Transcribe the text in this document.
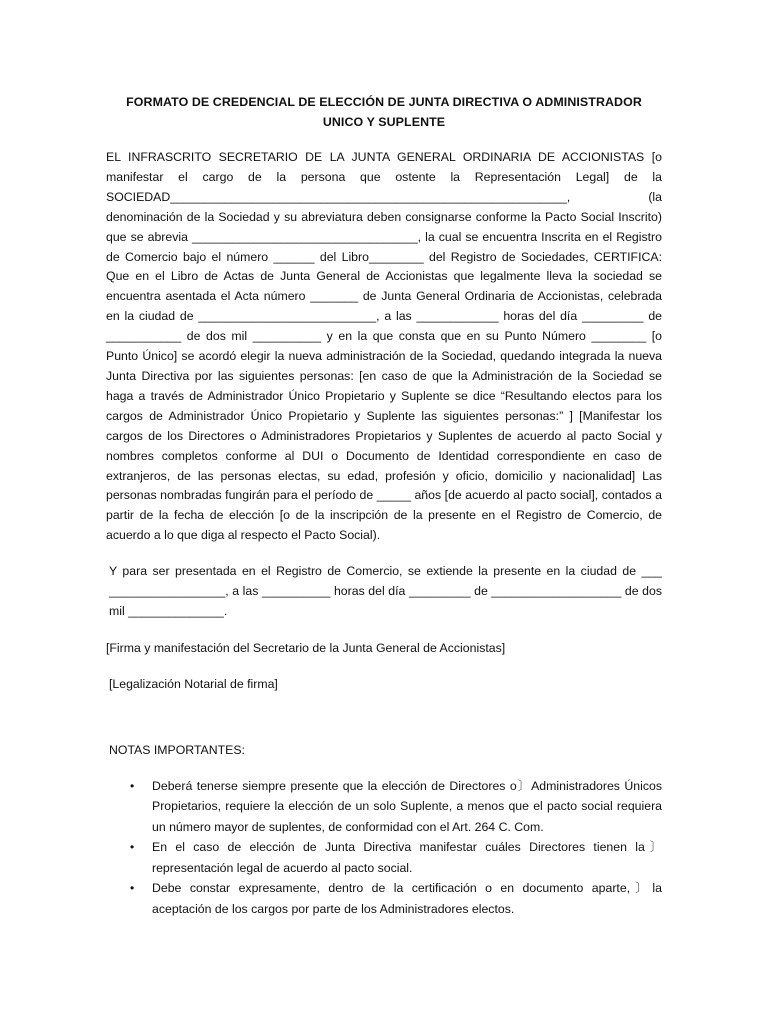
FORMATO DE CREDENCIAL DE ELECCIÓN DE JUNTA DIRECTIVA O ADMINISTRADOR
UNICO Y SUPLENTE

EL INFRASCRITO SECRETARIO DE LA JUNTA GENERAL ORDINARIA DE ACCIONISTAS [o manifestar el cargo de la persona que ostente la Representación Legal] de la SOCIEDAD__________________________________________________________, (la denominación de la Sociedad y su abreviatura deben consignarse conforme la Pacto Social Inscrito) que se abrevia _________________________________, la cual se encuentra Inscrita en el Registro de Comercio bajo el número ______ del Libro________ del Registro de Sociedades, CERTIFICA: Que en el Libro de Actas de Junta General de Accionistas que legalmente lleva la sociedad se encuentra asentada el Acta número _______ de Junta General Ordinaria de Accionistas, celebrada en la ciudad de __________________________, a las ____________ horas del día _________ de ___________ de dos mil __________ y en la que consta que en su Punto Número ________ [o Punto Único] se acordó elegir la nueva administración de la Sociedad, quedando integrada la nueva Junta Directiva por las siguientes personas: [en caso de que la Administración de la Sociedad se haga a través de Administrador Único Propietario y Suplente se dice “Resultando electos para los cargos de Administrador Único Propietario y Suplente las siguientes personas:” ] [Manifestar los cargos de los Directores o Administradores Propietarios y Suplentes de acuerdo al pacto Social y nombres completos conforme al DUI o Documento de Identidad correspondiente en caso de extranjeros, de las personas electas, su edad, profesión y oficio, domicilio y nacionalidad] Las personas nombradas fungirán para el período de _____ años [de acuerdo al pacto social], contados a partir de la fecha de elección [o de la inscripción de la presente en el Registro de Comercio, de acuerdo a lo que diga al respecto el Pacto Social).

Y para ser presentada en el Registro de Comercio, se extiende la presente en la ciudad de ___ _________________, a las __________ horas del día _________ de ___________________ de dos mil ______________.

[Firma y manifestación del Secretario de la Junta General de Accionistas]

[Legalización Notarial de firma]

NOTAS IMPORTANTES:

• Deberá tenerse siempre presente que la elección de Directores o〕Administradores Únicos Propietarios, requiere la elección de un solo Suplente, a menos que el pacto social requiera un número mayor de suplentes, de conformidad con el Art. 264 C. Com.
• En el caso de elección de Junta Directiva manifestar cuáles Directores tienen la〕representación legal de acuerdo al pacto social.
• Debe constar expresamente, dentro de la certificación o en documento aparte,〕la aceptación de los cargos por parte de los Administradores electos.
